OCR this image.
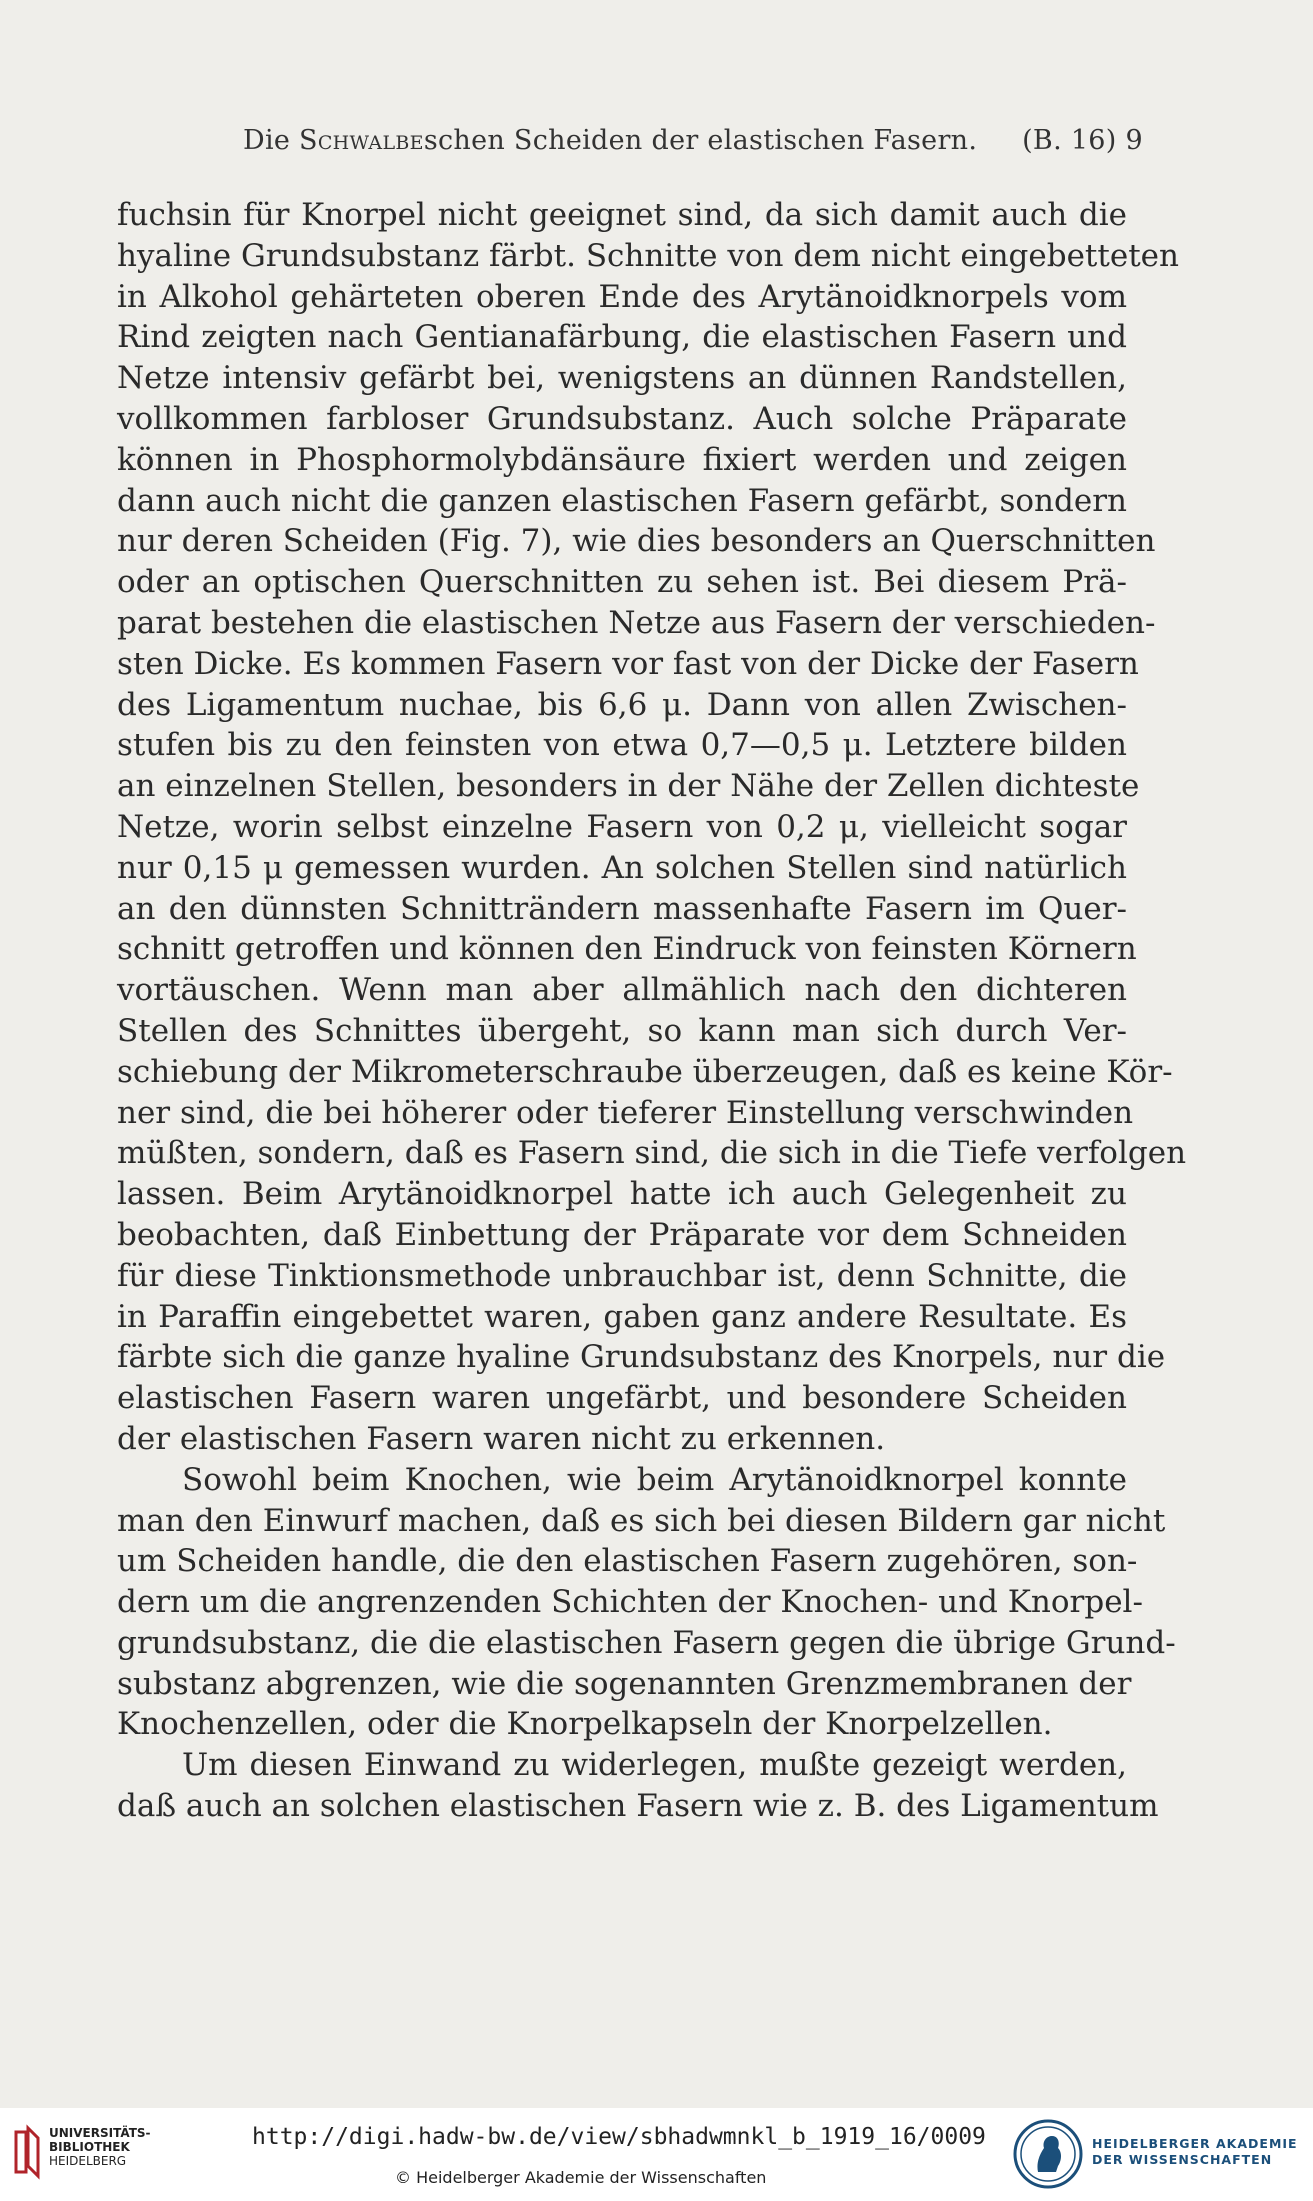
Die Schwalbeschen Scheiden der elastischen Fasern. (B. 16) 9
fuchsin für Knorpel nicht geeignet sind, da sich damit auch die
hyaline Grundsubstanz färbt. Schnitte von dem nicht eingebetteten
in Alkohol gehärteten oberen Ende des Arytänoidknorpels vom
Rind zeigten nach Gentianafärbung, die elastischen Fasern und
Netze intensiv gefärbt bei, wenigstens an dünnen Randstellen,
vollkommen farbloser Grundsubstanz. Auch solche Präparate
können in Phosphormolybdänsäure fixiert werden und zeigen
dann auch nicht die ganzen elastischen Fasern gefärbt, sondern
nur deren Scheiden (Fig. 7), wie dies besonders an Querschnitten
oder an optischen Querschnitten zu sehen ist. Bei diesem Prä-
parat bestehen die elastischen Netze aus Fasern der verschieden-
sten Dicke. Es kommen Fasern vor fast von der Dicke der Fasern
des Ligamentum nuchae, bis 6,6 μ. Dann von allen Zwischen-
stufen bis zu den feinsten von etwa 0,7—0,5 μ. Letztere bilden
an einzelnen Stellen, besonders in der Nähe der Zellen dichteste
Netze, worin selbst einzelne Fasern von 0,2 μ, vielleicht sogar
nur 0,15 μ gemessen wurden. An solchen Stellen sind natürlich
an den dünnsten Schnitträndern massenhafte Fasern im Quer-
schnitt getroffen und können den Eindruck von feinsten Körnern
vortäuschen. Wenn man aber allmählich nach den dichteren
Stellen des Schnittes übergeht, so kann man sich durch Ver-
schiebung der Mikrometerschraube überzeugen, daß es keine Kör-
ner sind, die bei höherer oder tieferer Einstellung verschwinden
müßten, sondern, daß es Fasern sind, die sich in die Tiefe verfolgen
lassen. Beim Arytänoidknorpel hatte ich auch Gelegenheit zu
beobachten, daß Einbettung der Präparate vor dem Schneiden
für diese Tinktionsmethode unbrauchbar ist, denn Schnitte, die
in Paraffin eingebettet waren, gaben ganz andere Resultate. Es
färbte sich die ganze hyaline Grundsubstanz des Knorpels, nur die
elastischen Fasern waren ungefärbt, und besondere Scheiden
der elastischen Fasern waren nicht zu erkennen.
Sowohl beim Knochen, wie beim Arytänoidknorpel konnte
man den Einwurf machen, daß es sich bei diesen Bildern gar nicht
um Scheiden handle, die den elastischen Fasern zugehören, son-
dern um die angrenzenden Schichten der Knochen- und Knorpel-
grundsubstanz, die die elastischen Fasern gegen die übrige Grund-
substanz abgrenzen, wie die sogenannten Grenzmembranen der
Knochenzellen, oder die Knorpelkapseln der Knorpelzellen.
Um diesen Einwand zu widerlegen, mußte gezeigt werden,
daß auch an solchen elastischen Fasern wie z. B. des Ligamentum
UNIVERSITÄTS-
BIBLIOTHEK
HEIDELBERG
http://digi.hadw-bw.de/view/sbhadwmnkl_b_1919_16/0009
© Heidelberger Akademie der Wissenschaften
HEIDELBERGER AKADEMIE
DER WISSENSCHAFTEN
